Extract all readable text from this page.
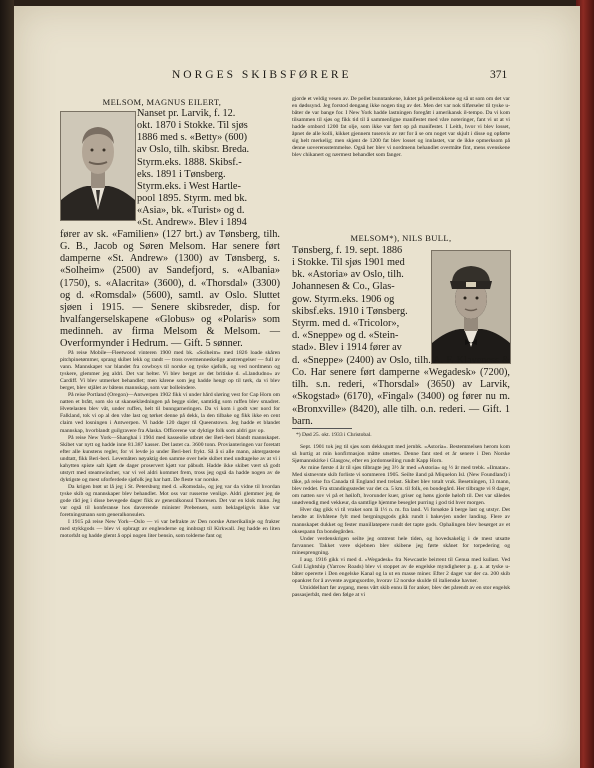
NORGES SKIBSFØRERE	371
MELSOM, MAGNUS EILERT,
Nanset pr. Larvik, f. 12.
okt. 1870 i Stokke. Til sjøs
1886 med s. «Betty» (600)
av Oslo, tilh. skibsr. Breda.
Styrm.eks. 1888. Skibsf.-
eks. 1891 i Tønsberg.
Styrm.eks. i West Hartle-
pool 1895. Styrm. med bk.
«Asia», bk. «Turist» og d.
«St. Andrew». Blev i 1894
fører av sk. «Familien» (127 brt.) av Tønsberg, tilh. G. B., Jacob og Søren Melsom. Har senere ført damperne «St. Andrew» (1300) av Tønsberg, s. «Solheim» (2500) av Sandefjord, s. «Albania» (1750), s. «Alacrita» (3600), d. «Thorsdal» (3300) og d. «Romsdal» (5600), samtl. av Oslo. Sluttet sjøen i 1915. — Senere skibsreder, disp. for hvalfangerselskapene «Globus» og «Polaris» som medinneh. av firma Melsom & Melsom. — Overformynder i Hedrum. — Gift. 5 sønner.

På reise Mobile—Fleetwood vinteren 1900 med bk. «Solheim» med 1826 loade skåren pitchpinetømmer, sprang skibet lekk og randt — tross overmenneskelige anstrengelser — full av vann. Mannskapet var blandet fra cowboys til norske og tyske sjøfolk, og ved nordmenn og tyskere, glemmer jeg aldri. Det var helter. Vi blev berget av det britiske d. «Llandudno» av Cardiff. Vi blev utmerket behandlet; men kårene som jeg hadde hengt op til tørk, da vi blev berget, blev stjålet av båtens mannskap, som var bolleindere.

På reise Portland (Oregon)—Antwerpen 1902 fikk vi under hård sløring vest for Cap Horn om natten et brått, som slo ut skanseklædningen på begge sider, samtidig som ruffen blev smadret. Hvetelasten blev våt, under ruffen, helt til bunngarneringen. Da vi kom i godt vær nord for Falkland, tok vi op al den våte last og tørket denne på dekk, la den tilbake og fikk ikke en cent claim ved losningen i Antwerpen. Vi hadde 120 dager til Queenstown. Jeg hadde et blandet mannskap, hvorblandt guilgravere fra Alaska. Officerene var dyktige folk som aldri gav op.

På reise New York—Shanghai i 1904 med kasseolie utbrøt der Beri-beri blandt mannskapet. Skibet var nytt og hadde inne 81.387 kasser. Det lastet ca. 3600 tonn. Provianteringen var foretatt efter alle kunstens regler, for vi levde jo under Beri-beri frykt. Så å si alle mann, aktergastene undtatt, fikk Beri-beri. Levemåten nøyaktig den samme over hele skibet med undtagelse av at vi i kahytten spiste salt kjøtt de dager proservert kjøtt var påbudt. Hadde ikke skibet vært så godt utstyrt med steamwincher, var vi vel aldri kommet frem, tross jeg også da hadde nogen av de dyktigste og mest uforferdede sjøfolk jeg har hatt. De fleste var norske.

Da krigen brøt ut lå jeg i St. Petersburg med d. «Romsdal», og jeg var da vidne til hvordan tyske skib og mannskaper blev behandlet. Mot oss var russerne venlige. Aldri glemmer jeg de gode råd jeg i disse bevegede dager fikk av generalkonsul Thoresen. Det var en klok mann. Jeg var også til konferanse hos daværende minister Prebensen, som beklageligvis ikke var foretningsmann som generalkonsulen.

I 1915 på reise New York—Oslo — vi var befrakte av Den norske Amerikalinje og frakter med stykkgods — blev vi opbragt av englenderne og innbragt til Kirkwall. Jeg hadde en liten motorbåt og hadde glemt å oppi nogen liter bensin, som tolderne fant og

gjorde et veldig vesen av. De pellet bunntankene, luktet på pellestokkene og så ut som om det var en dødssynd. Jeg forstod dengang ikke nogen ting av det. Men det var nok tilførseler til tyske u-båter de var bange for. I New York hadde lastningen foregått i amerikansk il-tempo. Da vi kom tilsammen til sjøs og fikk tid til å sammenligne manifestet med våre noteringer, fant vi ut at vi hadde ombord 1200 fat olje, som ikke var ført op på manifestet. I Leith, hvor vi blev losset, åpnet de alle kolli, kikket gjennem tusenvis av rør for å se om noget var skjult i disse og opførte sig helt merkelig; men skjønt de 1200 fat blev losset og innlastet, var de ikke opmerksom på denne uoverensstemmelse. Også her blev vi nordmenn behandlet overmåte fint, mens svenskene blev chikanert og nærmest behandlet som fanger.
MELSOM*), NILS BULL,
Tønsberg, f. 19. sept. 1886
i Stokke. Til sjøs 1901 med
bk. «Astoria» av Oslo, tilh.
Johannesen & Co., Glas-
gow. Styrm.eks. 1906 og
skibsf.eks. 1910 i Tønsberg.
Styrm. med d. «Tricolor»,
d. «Sneppe» og d. «Stein-
stad». Blev i 1914 fører av
d. «Sneppe» (2400) av Oslo, tilh. A. F. Klaveness & Co. Har senere ført damperne «Wegadesk» (7200), tilh. s.n. rederi, «Thorsdal» (3650) av Larvik, «Skogstad» (6170), «Fingal» (3400) og fører nu m. «Bronxville» (8420), alle tilh. o.n. rederi. — Gift. 1 barn.
*) Død 25. okt. 1933 i Christobal.

Sept. 1901 tok jeg til sjøs som dekksgutt med jernbk. «Astoria». Bestemmelsen herom kom så hurtig at min konfirmasjon måtte utsettes. Denne fant sted et år senere i Den Norske Sjømannskirke i Glasgow, efter en jordomseiling rundt Kapp Horn.

Av mine første 4 år til sjøs tilbragte jeg 3½ år med «Astoria» og ½ år med trebk. «Ilmatar». Med sistnevnte skib forliste vi sommeren 1905. Seilte iland på Miquelon Isl. (New Foundland) i tåke, på reise fra Canada til England med trelast. Skibet blev totalt vrak. Besetningen, 13 mann, blev reddet. Fra strandingsstedet var det ca. 5 km. til folk, en bondegård. Her tilbragte vi 8 dager, om natten sov vi på et høiloft, hvorunder kuer, griser og høns gjorde høloft til. Det var således unødvendig med vekkeur, da samtlige hjemme beseglet purring i god tid hver morgen.

Hver dag gikk vi til vraket som lå 1½ n. m. fra land. Vi forsøkte å berge last og utstyr. Det hendte at livbåtene fylt med bergningsgods gikk rundt i bakevjen under landing. Flere av mannskapet dukket og fester manillatøpere rundt det tapte gods. Ophalingen blev besørget av et oksespann fra bondegården.

Under verdenskrigen seilte jeg omtrent hele tiden, og hovedsakelig i de mest utsatte farvanner. Takket være skjebnen blev skibene jeg førte skånet for torpedering og minesprengning.

I aug. 1916 gikk vi med d. «Wegadesk» fra Newcastle beirrent til Genua med kullast. Ved Gull Lightship (Yarrow Roads) blev vi stoppet av de engelske myndigheter p. g. a. at tyske u-båter opererte i Den engelske Kanal og la ut en masse miner. Efter 2 dager var der ca. 200 skib opankret for å avvente avgangsordre, hvorav 12 norske skulde til italienske havner.

Umiddelbart før avgang, mens vårt skib ennu lå for anker, blev det pårendt av en stor engelsk passasjerbåt, med den følge at vi
